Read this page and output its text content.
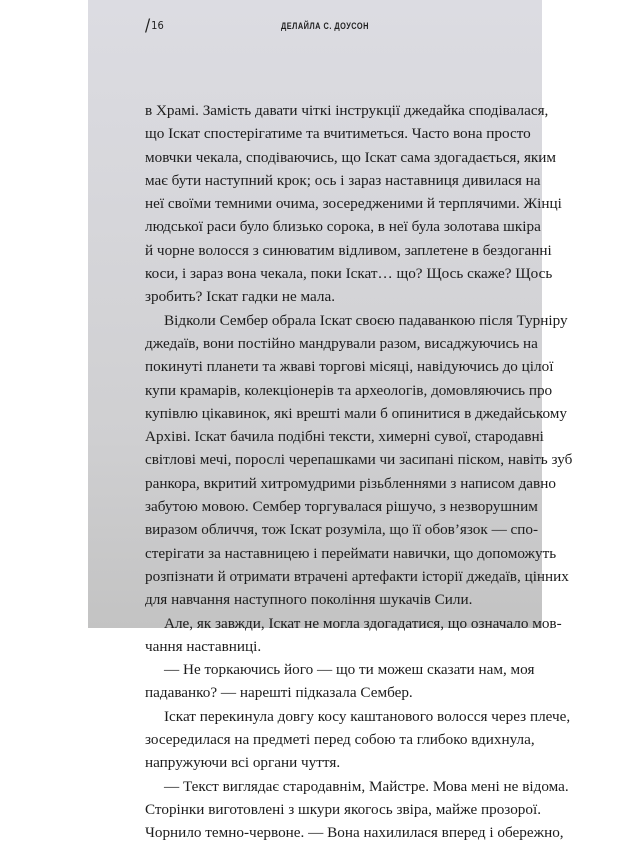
/16	ДЕЛАЙЛА С. ДОУСОН
в Храмі. Замість давати чіткі інструкції джедайка сподівалася,
що Іскат спостерігатиме та вчитиметься. Часто вона просто
мовчки чекала, сподіваючись, що Іскат сама здогадається, яким
має бути наступний крок; ось і зараз наставниця дивилася на
неї своїми темними очима, зосередженими й терплячими. Жінці
людської раси було близько сорока, в неї була золотава шкіра
й чорне волосся з синюватим відливом, заплетене в бездоганні
коси, і зараз вона чекала, поки Іскат… що? Щось скаже? Щось
зробить? Іскат гадки не мала.
Відколи Сембер обрала Іскат своєю падаванкою після Турніру
джедаїв, вони постійно мандрували разом, висаджуючись на
покинуті планети та жваві торгові місяці, навідуючись до цілої
купи крамарів, колекціонерів та археологів, домовляючись про
купівлю цікавинок, які врешті мали б опинитися в джедайському
Архіві. Іскат бачила подібні тексти, химерні сувої, стародавні
світлові мечі, порослі черепашками чи засипані піском, навіть зуб
ранкора, вкритий хитромудрими різьбленнями з написом давно
забутою мовою. Сембер торгувалася рішучо, з незворушним
виразом обличчя, тож Іскат розуміла, що її обов’язок — спо-
стерігати за наставницею і переймати навички, що допоможуть
розпізнати й отримати втрачені артефакти історії джедаїв, цінних
для навчання наступного покоління шукачів Сили.
Але, як завжди, Іскат не могла здогадатися, що означало мов-
чання наставниці.
— Не торкаючись його — що ти можеш сказати нам, моя
падаванко? — нарешті підказала Сембер.
Іскат перекинула довгу косу каштанового волосся через плече,
зосередилася на предметі перед собою та глибоко вдихнула,
напружуючи всі органи чуття.
— Текст виглядає стародавнім, Майстре. Мова мені не відома.
Сторінки виготовлені з шкури якогось звіра, майже прозорої.
Чорнило темно-червоне. — Вона нахилилася вперед і обережно,
